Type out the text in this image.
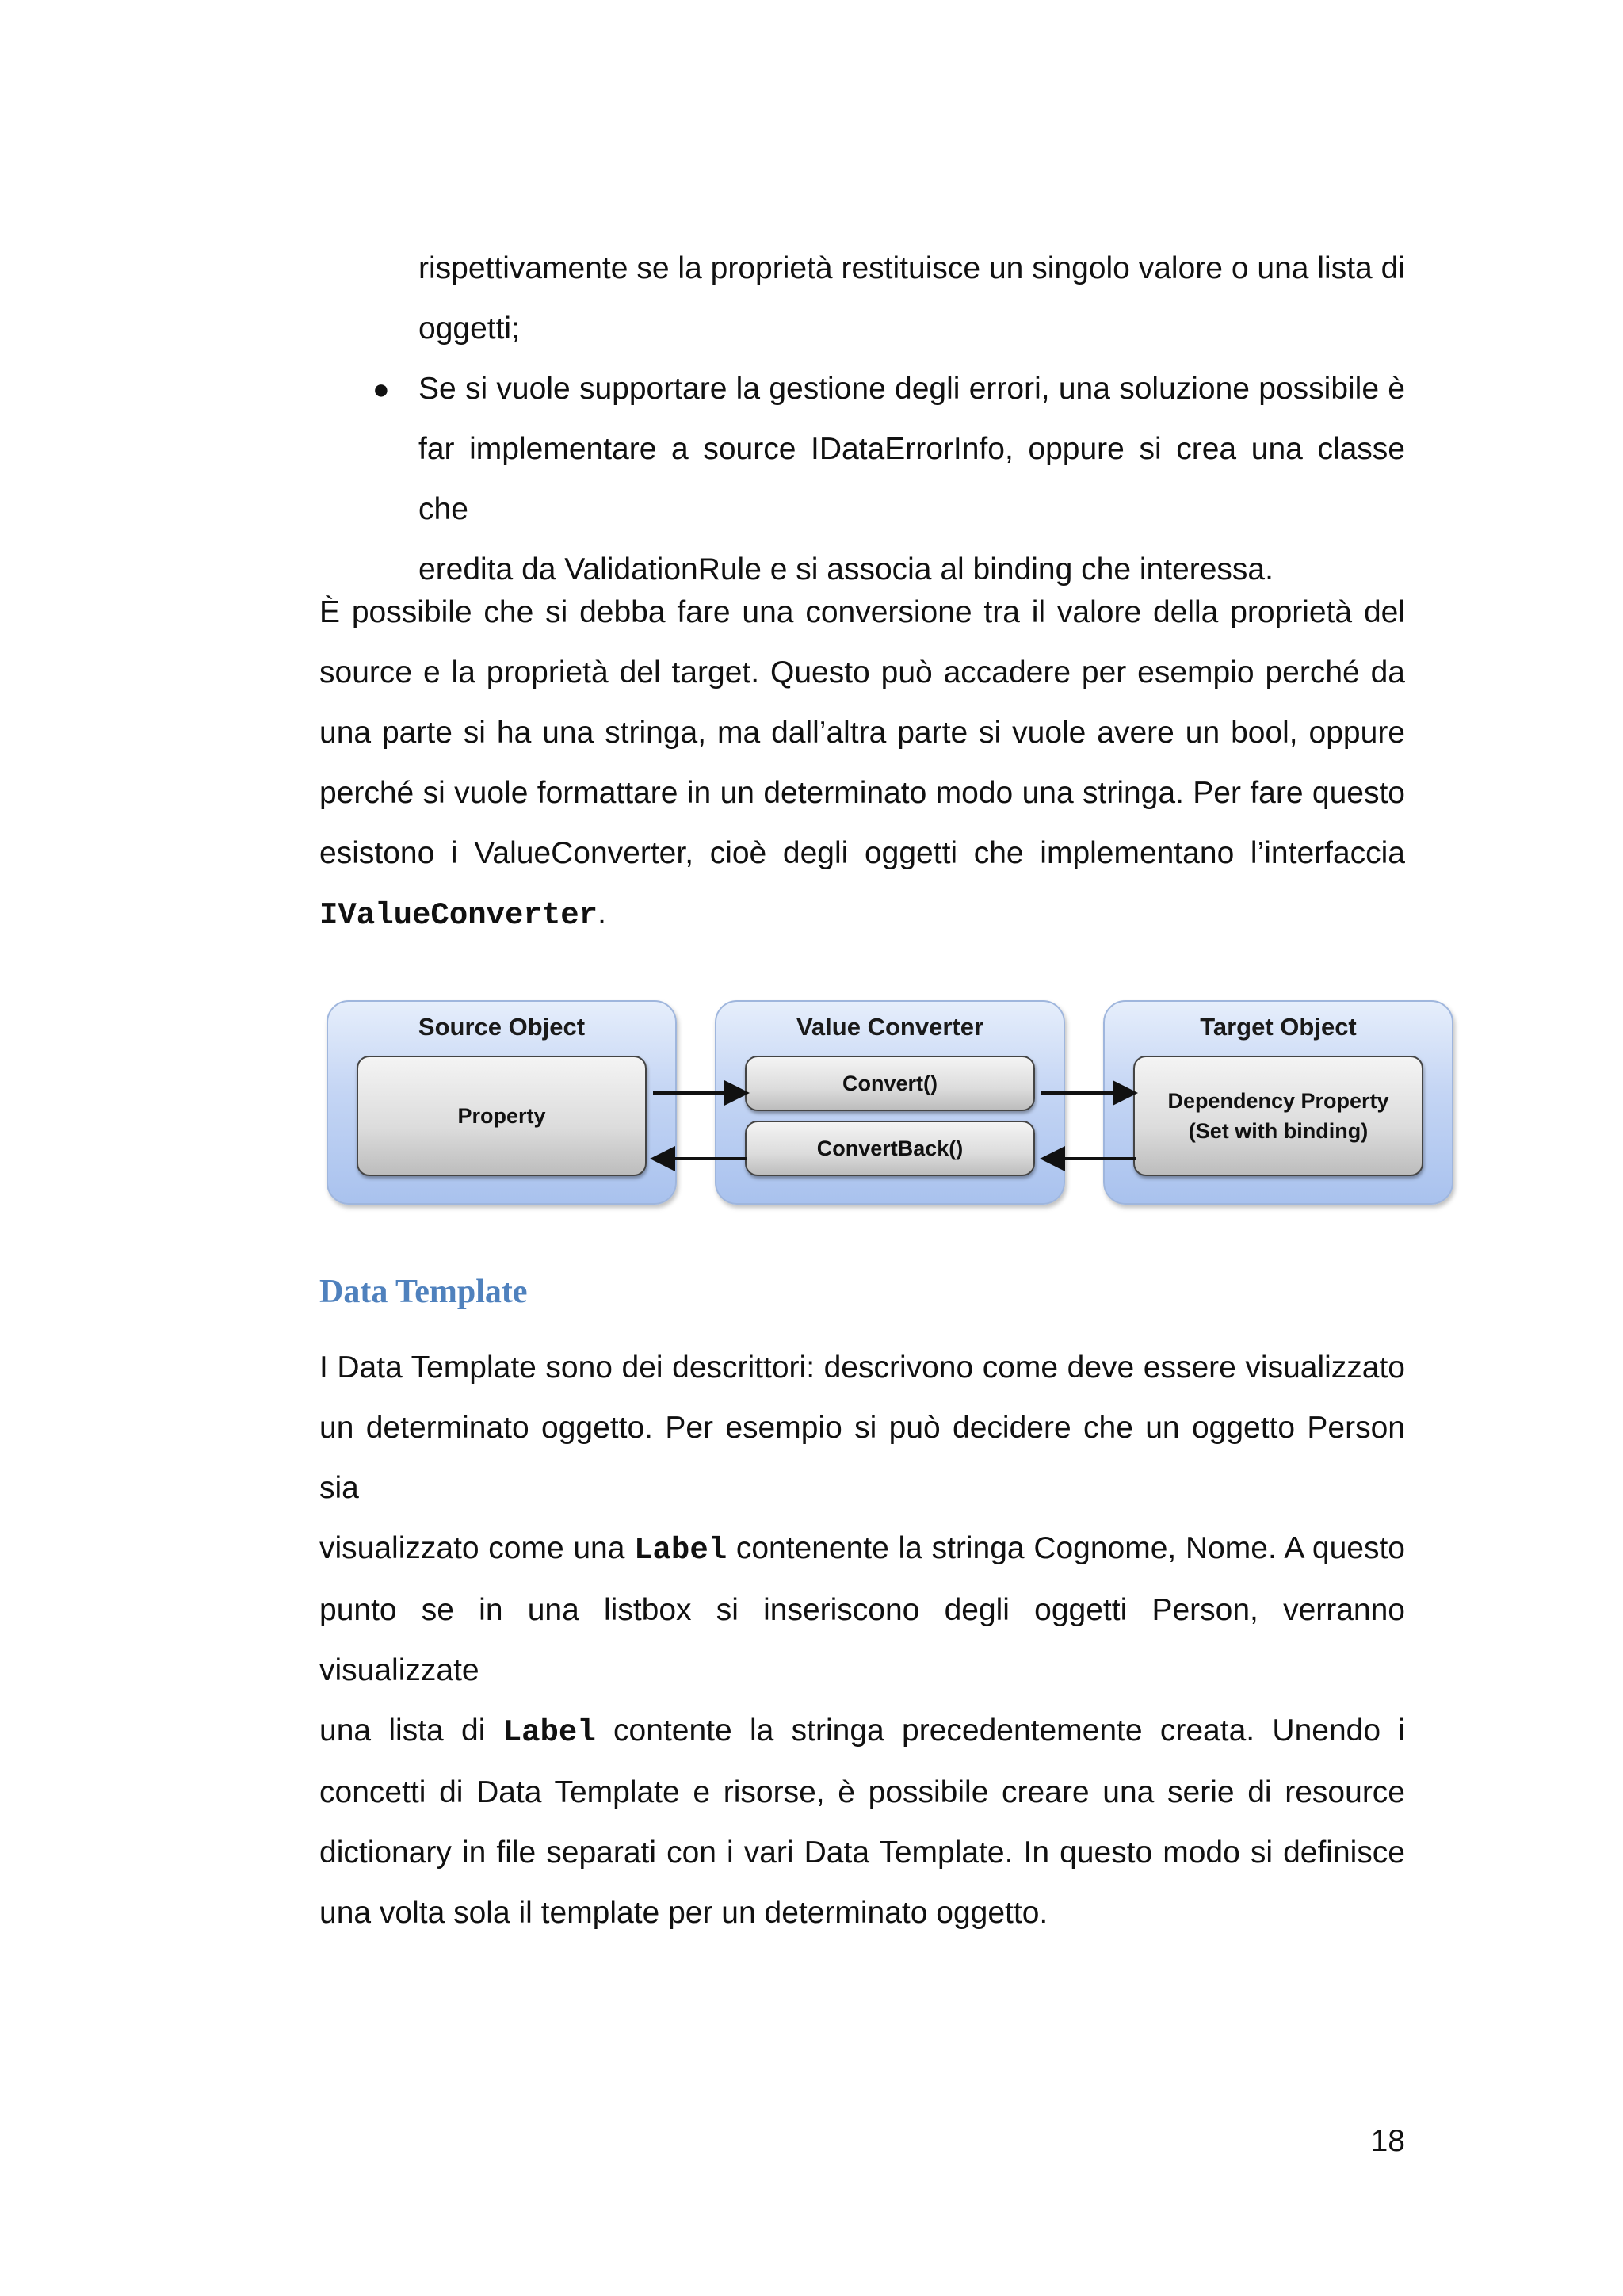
rispettivamente se la proprietà restituisce un singolo valore o una lista di
oggetti;
● Se si vuole supportare la gestione degli errori, una soluzione possibile è
far implementare a source IDataErrorInfo, oppure si crea una classe che
eredita da ValidationRule e si associa al binding che interessa.
È possibile che si debba fare una conversione tra il valore della proprietà del
source e la proprietà del target. Questo può accadere per esempio perché da
una parte si ha una stringa, ma dall’altra parte si vuole avere un bool, oppure
perché si vuole formattare in un determinato modo una stringa. Per fare questo
esistono i ValueConverter, cioè degli oggetti che implementano l’interfaccia
IValueConverter.
Source Object
Property
Value Converter
Convert()
ConvertBack()
Target Object
Dependency Property
(Set with binding)
Data Template
I Data Template sono dei descrittori: descrivono come deve essere visualizzato
un determinato oggetto. Per esempio si può decidere che un oggetto Person sia
visualizzato come una Label contenente la stringa Cognome, Nome. A questo
punto se in una listbox si inseriscono degli oggetti Person, verranno visualizzate
una lista di Label contente la stringa precedentemente creata. Unendo i
concetti di Data Template e risorse, è possibile creare una serie di resource
dictionary in file separati con i vari Data Template. In questo modo si definisce
una volta sola il template per un determinato oggetto.
18
